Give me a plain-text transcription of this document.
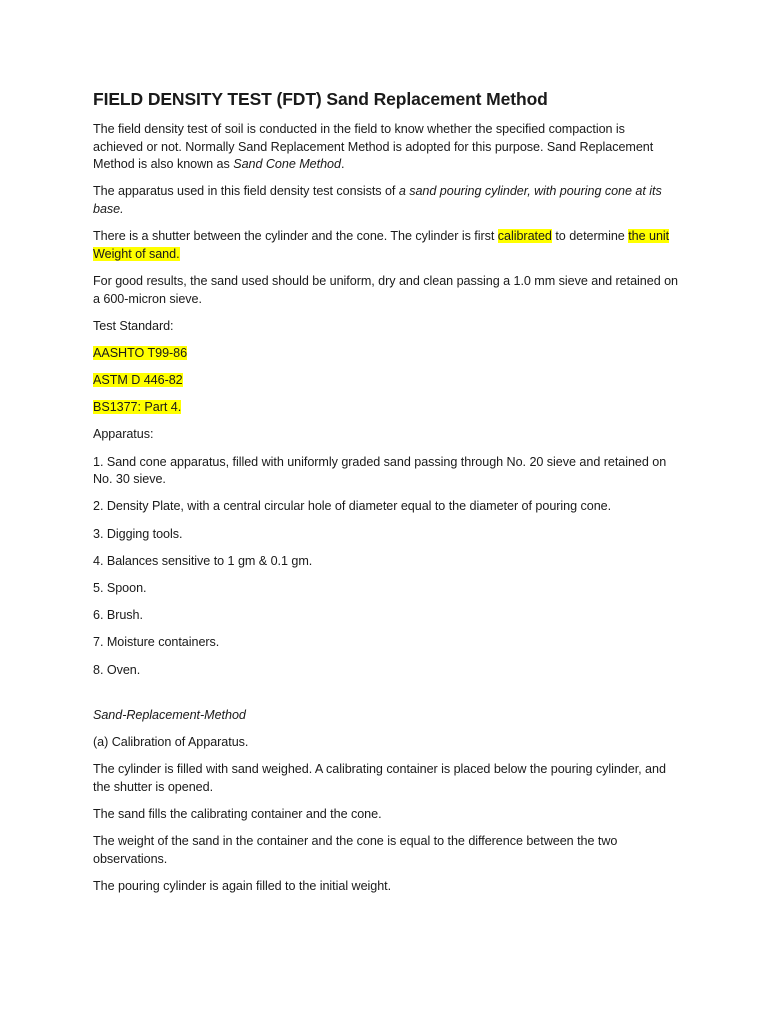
FIELD DENSITY TEST (FDT) Sand Replacement Method

The field density test of soil is conducted in the field to know whether the specified compaction is achieved or not. Normally Sand Replacement Method is adopted for this purpose. Sand Replacement Method is also known as Sand Cone Method.

The apparatus used in this field density test consists of a sand pouring cylinder, with pouring cone at its base.

There is a shutter between the cylinder and the cone. The cylinder is first calibrated to determine the unit Weight of sand.

For good results, the sand used should be uniform, dry and clean passing a 1.0 mm sieve and retained on a 600-micron sieve.

Test Standard:

AASHTO T99-86

ASTM D 446-82

BS1377: Part 4.

Apparatus:

1. Sand cone apparatus, filled with uniformly graded sand passing through No. 20 sieve and retained on No. 30 sieve.

2. Density Plate, with a central circular hole of diameter equal to the diameter of pouring cone.

3. Digging tools.

4. Balances sensitive to 1 gm & 0.1 gm.

5. Spoon.

6. Brush.

7. Moisture containers.

8. Oven.

Sand-Replacement-Method

(a) Calibration of Apparatus.

The cylinder is filled with sand weighed. A calibrating container is placed below the pouring cylinder, and the shutter is opened.

The sand fills the calibrating container and the cone.

The weight of the sand in the container and the cone is equal to the difference between the two observations.

The pouring cylinder is again filled to the initial weight.
